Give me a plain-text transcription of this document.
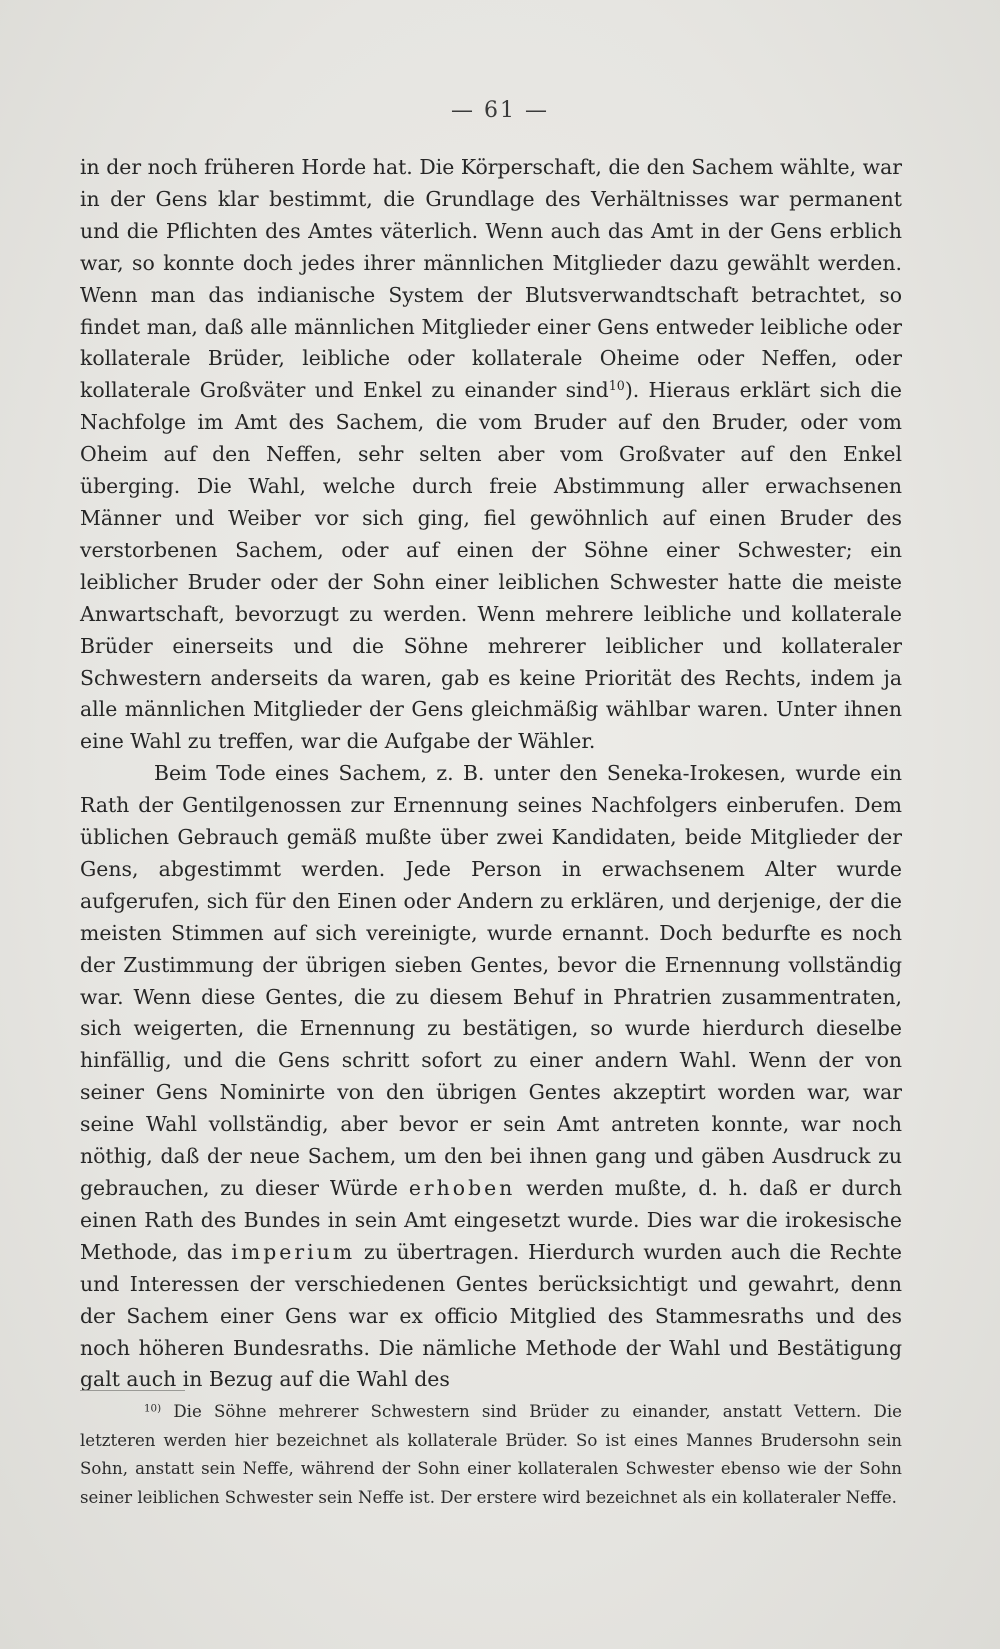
— 61 —

in der noch früheren Horde hat. Die Körperschaft, die den Sachem wählte, war in der Gens klar bestimmt, die Grundlage des Verhältnisses war permanent und die Pflichten des Amtes väterlich. Wenn auch das Amt in der Gens erblich war, so konnte doch jedes ihrer männlichen Mitglieder dazu gewählt werden. Wenn man das indianische System der Blutsverwandtschaft betrachtet, so findet man, daß alle männlichen Mitglieder einer Gens entweder leibliche oder kollaterale Brüder, leibliche oder kollaterale Oheime oder Neffen, oder kollaterale Großväter und Enkel zu einander sind$^{10}$). Hieraus erklärt sich die Nachfolge im Amt des Sachem, die vom Bruder auf den Bruder, oder vom Oheim auf den Neffen, sehr selten aber vom Großvater auf den Enkel überging. Die Wahl, welche durch freie Abstimmung aller erwachsenen Männer und Weiber vor sich ging, fiel gewöhnlich auf einen Bruder des verstorbenen Sachem, oder auf einen der Söhne einer Schwester; ein leiblicher Bruder oder der Sohn einer leiblichen Schwester hatte die meiste Anwartschaft, bevorzugt zu werden. Wenn mehrere leibliche und kollaterale Brüder einerseits und die Söhne mehrerer leiblicher und kollateraler Schwestern anderseits da waren, gab es keine Priorität des Rechts, indem ja alle männlichen Mitglieder der Gens gleichmäßig wählbar waren. Unter ihnen eine Wahl zu treffen, war die Aufgabe der Wähler.

Beim Tode eines Sachem, z. B. unter den Seneka-Irokesen, wurde ein Rath der Gentilgenossen zur Ernennung seines Nachfolgers einberufen. Dem üblichen Gebrauch gemäß mußte über zwei Kandidaten, beide Mitglieder der Gens, abgestimmt werden. Jede Person in erwachsenem Alter wurde aufgerufen, sich für den Einen oder Andern zu erklären, und derjenige, der die meisten Stimmen auf sich vereinigte, wurde ernannt. Doch bedurfte es noch der Zustimmung der übrigen sieben Gentes, bevor die Ernennung vollständig war. Wenn diese Gentes, die zu diesem Behuf in Phratrien zusammentraten, sich weigerten, die Ernennung zu bestätigen, so wurde hierdurch dieselbe hinfällig, und die Gens schritt sofort zu einer andern Wahl. Wenn der von seiner Gens Nominirte von den übrigen Gentes akzeptirt worden war, war seine Wahl vollständig, aber bevor er sein Amt antreten konnte, war noch nöthig, daß der neue Sachem, um den bei ihnen gang und gäben Ausdruck zu gebrauchen, zu dieser Würde erhoben werden mußte, d. h. daß er durch einen Rath des Bundes in sein Amt eingesetzt wurde. Dies war die irokesische Methode, das imperium zu übertragen. Hierdurch wurden auch die Rechte und Interessen der verschiedenen Gentes berücksichtigt und gewahrt, denn der Sachem einer Gens war ex officio Mitglied des Stammesraths und des noch höheren Bundesraths. Die nämliche Methode der Wahl und Bestätigung galt auch in Bezug auf die Wahl des

$^{10)}$ Die Söhne mehrerer Schwestern sind Brüder zu einander, anstatt Vettern. Die letzteren werden hier bezeichnet als kollaterale Brüder. So ist eines Mannes Brudersohn sein Sohn, anstatt sein Neffe, während der Sohn einer kollateralen Schwester ebenso wie der Sohn seiner leiblichen Schwester sein Neffe ist. Der erstere wird bezeichnet als ein kollateraler Neffe.
